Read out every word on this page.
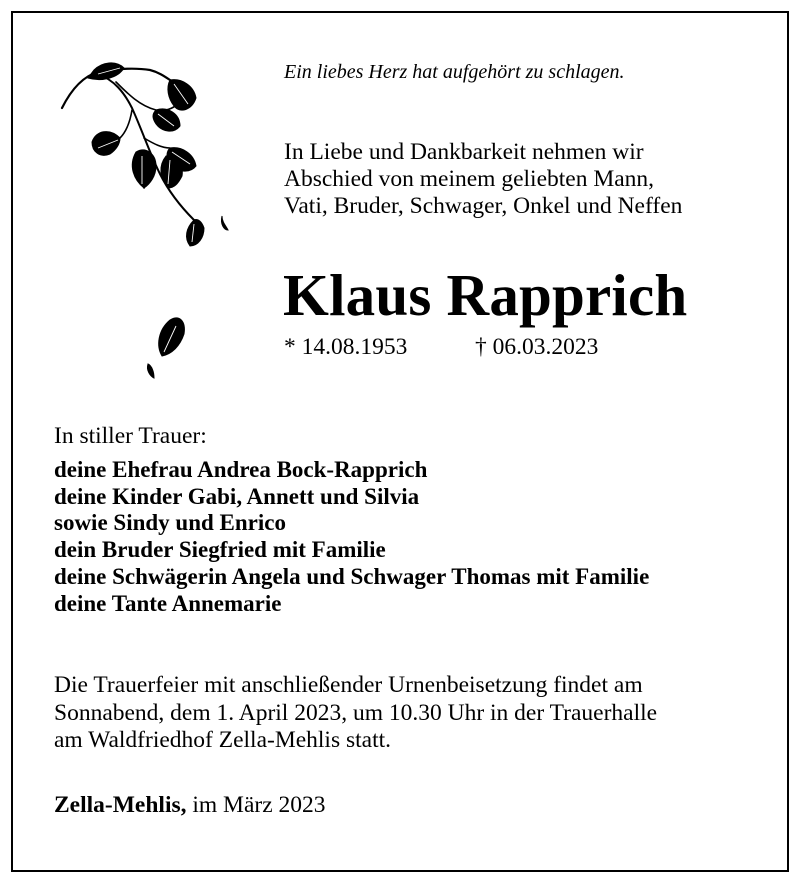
Ein liebes Herz hat aufgehört zu schlagen.
In Liebe und Dankbarkeit nehmen wir
Abschied von meinem geliebten Mann,
Vati, Bruder, Schwager, Onkel und Neffen
Klaus Rapprich
* 14.08.1953	† 06.03.2023
In stiller Trauer:
deine Ehefrau Andrea Bock-Rapprich
deine Kinder Gabi, Annett und Silvia
sowie Sindy und Enrico
dein Bruder Siegfried mit Familie
deine Schwägerin Angela und Schwager Thomas mit Familie
deine Tante Annemarie
Die Trauerfeier mit anschließender Urnenbeisetzung findet am
Sonnabend, dem 1. April 2023, um 10.30 Uhr in der Trauerhalle
am Waldfriedhof Zella-Mehlis statt.
Zella-Mehlis, im März 2023
